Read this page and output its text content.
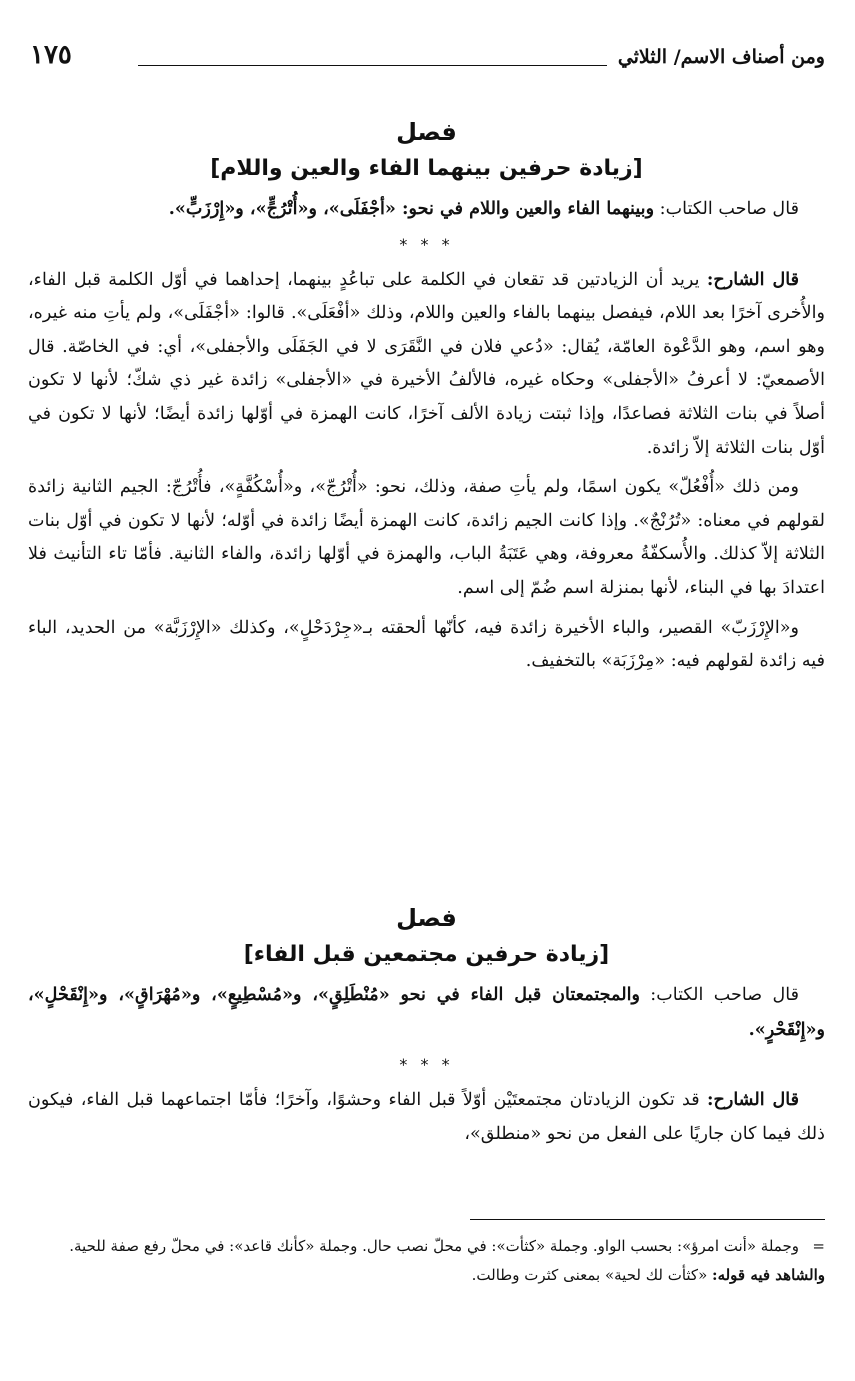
ومن أصناف الاسم/ الثلاثي
١٧٥
فصل
[زيادة حرفين بينهما الفاء والعين واللام]

قال صاحب الكتاب: وبينهما الفاء والعين واللام في نحو: «أجْفَلَى»، و«أُتْرُجٍّ»، و«إِرْزَبٍّ».

* * *

قال الشارح: يريد أن الزيادتين قد تقعان في الكلمة على تباعُدٍ بينهما، إحداهما في أوّل الكلمة قبل الفاء، والأُخرى آخرًا بعد اللام، فيفصل بينهما بالفاء والعين واللام، وذلك «أفْعَلَى». قالوا: «أجْفَلَى»، ولم يأتِ منه غيره، وهو اسم، وهو الدَّعْوة العامّة، يُقال: «دُعي فلان في النَّقَرَى لا في الجَفَلَى والأجفلى»، أي: في الخاصّة. قال الأصمعيّ: لا أعرفُ «الأجفلى» وحكاه غيره، فالألفُ الأخيرة في «الأجفلى» زائدة غير ذي شكّ؛ لأنها لا تكون أصلاً في بنات الثلاثة فصاعدًا، وإذا ثبتت زيادة الألف آخرًا، كانت الهمزة في أوّلها زائدة أيضًا؛ لأنها لا تكون في أوّل بنات الثلاثة إلاّ زائدة.

ومن ذلك «أُفْعُلّ» يكون اسمًا، ولم يأتِ صفة، وذلك، نحو: «أُتْرُجّ»، و«أُسْكُفَّةٍ»، فأُتْرُجّ: الجيم الثانية زائدة لقولهم في معناه: «تُرُنْجٌ». وإذا كانت الجيم زائدة، كانت الهمزة أيضًا زائدة في أوّله؛ لأنها لا تكون في أوّل بنات الثلاثة إلاّ كذلك. والأُسكفّةُ معروفة، وهي عَتَبَةُ الباب، والهمزة في أوّلها زائدة، والفاء الثانية. فأمّا تاء التأنيث فلا اعتدادَ بها في البناء، لأنها بمنزلة اسم ضُمّ إلى اسم.

و«الإِرْزَبّ» القصير، والباء الأخيرة زائدة فيه، كأنّها ألحقته بـ«جِرْدَحْلٍ»، وكذلك «الإِرْزَبَّة» من الحديد، الباء فيه زائدة لقولهم فيه: «مِرْزَبَة» بالتخفيف.

فصل
[زيادة حرفين مجتمعين قبل الفاء]

قال صاحب الكتاب: والمجتمعتان قبل الفاء في نحو «مُنْطَلِقٍ»، و«مُسْطِيعٍ»، و«مُهْرَاقٍ»، و«إِنْقَحْلٍ»، و«إِنْقَحْرٍ».

* * *

قال الشارح: قد تكون الزيادتان مجتمعتَيْن أوّلاً قبل الفاء وحشوًا، وآخرًا؛ فأمّا اجتماعهما قبل الفاء، فيكون ذلك فيما كان جاريًا على الفعل من نحو «منطلق»،

=وجملة «أنت امرؤ»: بحسب الواو. وجملة «كثأت»: في محلّ نصب حال. وجملة «كأنك قاعد»: في محلّ رفع صفة للحية.

والشاهد فيه قوله: «كثأت لك لحية» بمعنى كثرت وطالت.
